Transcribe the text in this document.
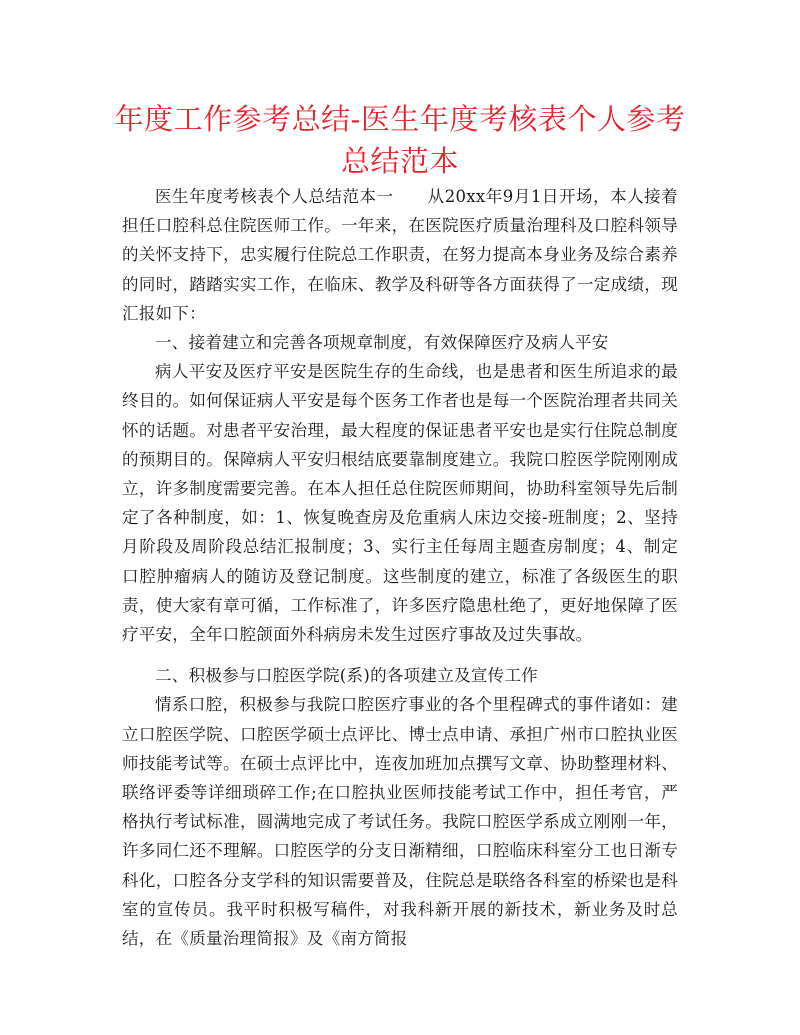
年度工作参考总结-医生年度考核表个人参考总结范本

医生年度考核表个人总结范本一　　从20xx年9月1日开场，本人接着担任口腔科总住院医师工作。一年来，在医院医疗质量治理科及口腔科领导的关怀支持下，忠实履行住院总工作职责，在努力提高本身业务及综合素养的同时，踏踏实实工作，在临床、教学及科研等各方面获得了一定成绩，现汇报如下：

一、接着建立和完善各项规章制度，有效保障医疗及病人平安

病人平安及医疗平安是医院生存的生命线，也是患者和医生所追求的最终目的。如何保证病人平安是每个医务工作者也是每一个医院治理者共同关怀的话题。对患者平安治理，最大程度的保证患者平安也是实行住院总制度的预期目的。保障病人平安归根结底要靠制度建立。我院口腔医学院刚刚成立，许多制度需要完善。在本人担任总住院医师期间，协助科室领导先后制定了各种制度，如：1、恢复晚查房及危重病人床边交接-班制度；2、坚持月阶段及周阶段总结汇报制度；3、实行主任每周主题查房制度；4、制定口腔肿瘤病人的随访及登记制度。这些制度的建立，标准了各级医生的职责，使大家有章可循，工作标准了，许多医疗隐患杜绝了，更好地保障了医疗平安，全年口腔颌面外科病房未发生过医疗事故及过失事故。

二、积极参与口腔医学院(系)的各项建立及宣传工作

情系口腔，积极参与我院口腔医疗事业的各个里程碑式的事件诸如：建立口腔医学院、口腔医学硕士点评比、博士点申请、承担广州市口腔执业医师技能考试等。在硕士点评比中，连夜加班加点撰写文章、协助整理材料、联络评委等详细琐碎工作;在口腔执业医师技能考试工作中，担任考官，严格执行考试标准，圆满地完成了考试任务。我院口腔医学系成立刚刚一年，许多同仁还不理解。口腔医学的分支日渐精细，口腔临床科室分工也日渐专科化，口腔各分支学科的知识需要普及，住院总是联络各科室的桥梁也是科室的宣传员。我平时积极写稿件，对我科新开展的新技术，新业务及时总结，在《质量治理简报》及《南方简报
